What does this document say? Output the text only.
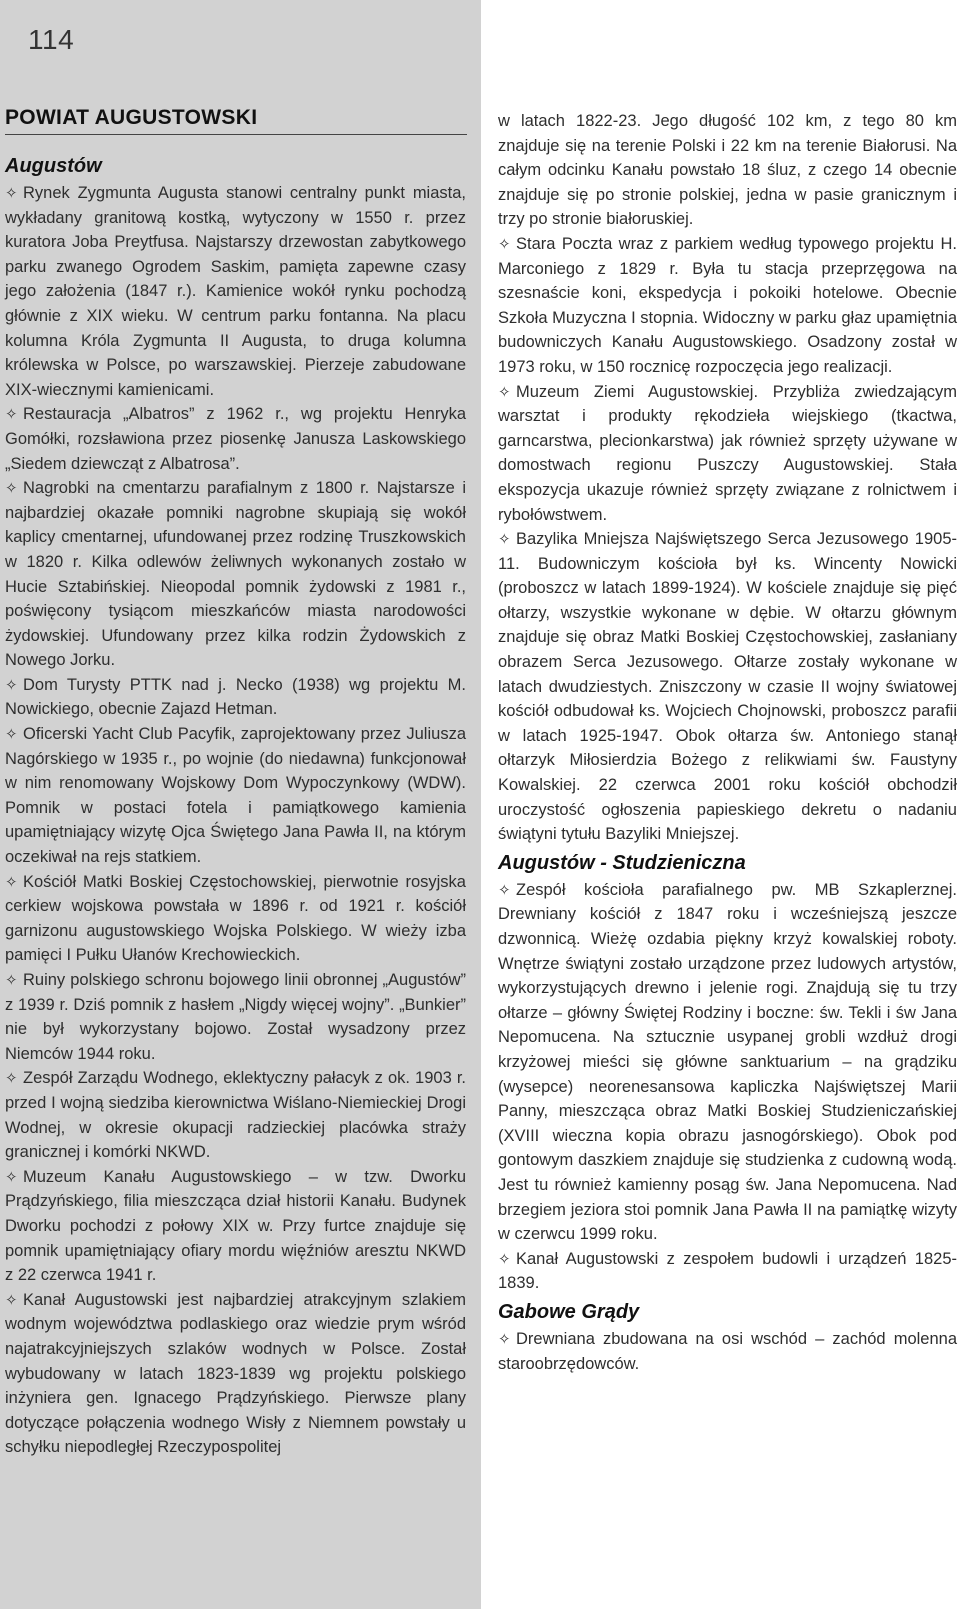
114
POWIAT AUGUSTOWSKI
Augustów
✧ Rynek Zygmunta Augusta stanowi centralny punkt miasta, wykładany granitową kostką, wytyczony w 1550 r. przez kuratora Joba Preytfusa. Najstarszy drzewostan zabytkowego parku zwanego Ogrodem Saskim, pamięta zapewne czasy jego założenia (1847 r.). Kamienice wokół rynku pochodzą głównie z XIX wieku. W centrum parku fontanna. Na placu kolumna Króla Zygmunta II Augusta, to druga kolumna królewska w Polsce, po warszawskiej. Pierzeje zabudowane XIX-wiecznymi kamienicami.
✧ Restauracja „Albatros” z 1962 r., wg projektu Henryka Gomółki, rozsławiona przez piosenkę Janusza Laskowskiego „Siedem dziewcząt z Albatrosa”.
✧ Nagrobki na cmentarzu parafialnym z 1800 r. Najstarsze i najbardziej okazałe pomniki nagrobne skupiają się wokół kaplicy cmentarnej, ufundowanej przez rodzinę Truszkowskich w 1820 r. Kilka odlewów żeliwnych wykonanych zostało w Hucie Sztabińskiej. Nieopodal pomnik żydowski z 1981 r., poświęcony tysiącom mieszkańców miasta narodowości żydowskiej. Ufundowany przez kilka rodzin Żydowskich z Nowego Jorku.
✧ Dom Turysty PTTK nad j. Necko (1938) wg projektu M. Nowickiego, obecnie Zajazd Hetman.
✧ Oficerski Yacht Club Pacyfik, zaprojektowany przez Juliusza Nagórskiego w 1935 r., po wojnie (do niedawna) funkcjonował w nim renomowany Wojskowy Dom Wypoczynkowy (WDW). Pomnik w postaci fotela i pamiątkowego kamienia upamiętniający wizytę Ojca Świętego Jana Pawła II, na którym oczekiwał na rejs statkiem.
✧ Kościół Matki Boskiej Częstochowskiej, pierwotnie rosyjska cerkiew wojskowa powstała w 1896 r. od 1921 r. kościół garnizonu augustowskiego Wojska Polskiego. W wieży izba pamięci I Pułku Ułanów Krechowieckich.
✧ Ruiny polskiego schronu bojowego linii obronnej „Augustów” z 1939 r. Dziś pomnik z hasłem „Nigdy więcej wojny”. „Bunkier” nie był wykorzystany bojowo. Został wysadzony przez Niemców 1944 roku.
✧ Zespół Zarządu Wodnego, eklektyczny pałacyk z ok. 1903 r. przed I wojną siedziba kierownictwa Wiślano-Niemieckiej Drogi Wodnej, w okresie okupacji radzieckiej placówka straży granicznej i komórki NKWD.
✧ Muzeum Kanału Augustowskiego – w tzw. Dworku Prądzyńskiego, filia mieszcząca dział historii Kanału. Budynek Dworku pochodzi z połowy XIX w. Przy furtce znajduje się pomnik upamiętniający ofiary mordu więźniów aresztu NKWD z 22 czerwca 1941 r.
✧ Kanał Augustowski jest najbardziej atrakcyjnym szlakiem wodnym województwa podlaskiego oraz wiedzie prym wśród najatrakcyjniejszych szlaków wodnych w Polsce. Został wybudowany w latach 1823-1839 wg projektu polskiego inżyniera gen. Ignacego Prądzyńskiego. Pierwsze plany dotyczące połączenia wodnego Wisły z Niemnem powstały u schyłku niepodległej Rzeczypospolitej
w latach 1822-23. Jego długość 102 km, z tego 80 km znajduje się na terenie Polski i 22 km na terenie Białorusi. Na całym odcinku Kanału powstało 18 śluz, z czego 14 obecnie znajduje się po stronie polskiej, jedna w pasie granicznym i trzy po stronie białoruskiej.
✧ Stara Poczta wraz z parkiem według typowego projektu H. Marconiego z 1829 r. Była tu stacja przeprzęgowa na szesnaście koni, ekspedycja i pokoiki hotelowe. Obecnie Szkoła Muzyczna I stopnia. Widoczny w parku głaz upamiętnia budowniczych Kanału Augustowskiego. Osadzony został w 1973 roku, w 150 rocznicę rozpoczęcia jego realizacji.
✧ Muzeum Ziemi Augustowskiej. Przybliża zwiedzającym warsztat i produkty rękodzieła wiejskiego (tkactwa, garncarstwa, plecionkarstwa) jak również sprzęty używane w domostwach regionu Puszczy Augustowskiej. Stała ekspozycja ukazuje również sprzęty związane z rolnictwem i rybołówstwem.
✧ Bazylika Mniejsza Najświętszego Serca Jezusowego 1905-11. Budowniczym kościoła był ks. Wincenty Nowicki (proboszcz w latach 1899-1924). W kościele znajduje się pięć ołtarzy, wszystkie wykonane w dębie. W ołtarzu głównym znajduje się obraz Matki Boskiej Częstochowskiej, zasłaniany obrazem Serca Jezusowego. Ołtarze zostały wykonane w latach dwudziestych. Zniszczony w czasie II wojny światowej kościół odbudował ks. Wojciech Chojnowski, proboszcz parafii w latach 1925-1947. Obok ołtarza św. Antoniego stanął ołtarzyk Miłosierdzia Bożego z relikwiami św. Faustyny Kowalskiej. 22 czerwca 2001 roku kościół obchodził uroczystość ogłoszenia papieskiego dekretu o nadaniu świątyni tytułu Bazyliki Mniejszej.
Augustów - Studzieniczna
✧ Zespół kościoła parafialnego pw. MB Szkaplerznej. Drewniany kościół z 1847 roku i wcześniejszą jeszcze dzwonnicą. Wieżę ozdabia piękny krzyż kowalskiej roboty. Wnętrze świątyni zostało urządzone przez ludowych artystów, wykorzystujących drewno i jelenie rogi. Znajdują się tu trzy ołtarze – główny Świętej Rodziny i boczne: św. Tekli i św Jana Nepomucena. Na sztucznie usypanej grobli wzdłuż drogi krzyżowej mieści się główne sanktuarium – na grądziku (wysepce) neorenesansowa kapliczka Najświętszej Marii Panny, mieszcząca obraz Matki Boskiej Studzieniczańskiej (XVIII wieczna kopia obrazu jasnogórskiego). Obok pod gontowym daszkiem znajduje się studzienka z cudowną wodą. Jest tu również kamienny posąg św. Jana Nepomucena. Nad brzegiem jeziora stoi pomnik Jana Pawła II na pamiątkę wizyty w czerwcu 1999 roku.
✧ Kanał Augustowski z zespołem budowli i urządzeń 1825-1839.
Gabowe Grądy
✧ Drewniana zbudowana na osi wschód – zachód molenna staroobrzędowców.
